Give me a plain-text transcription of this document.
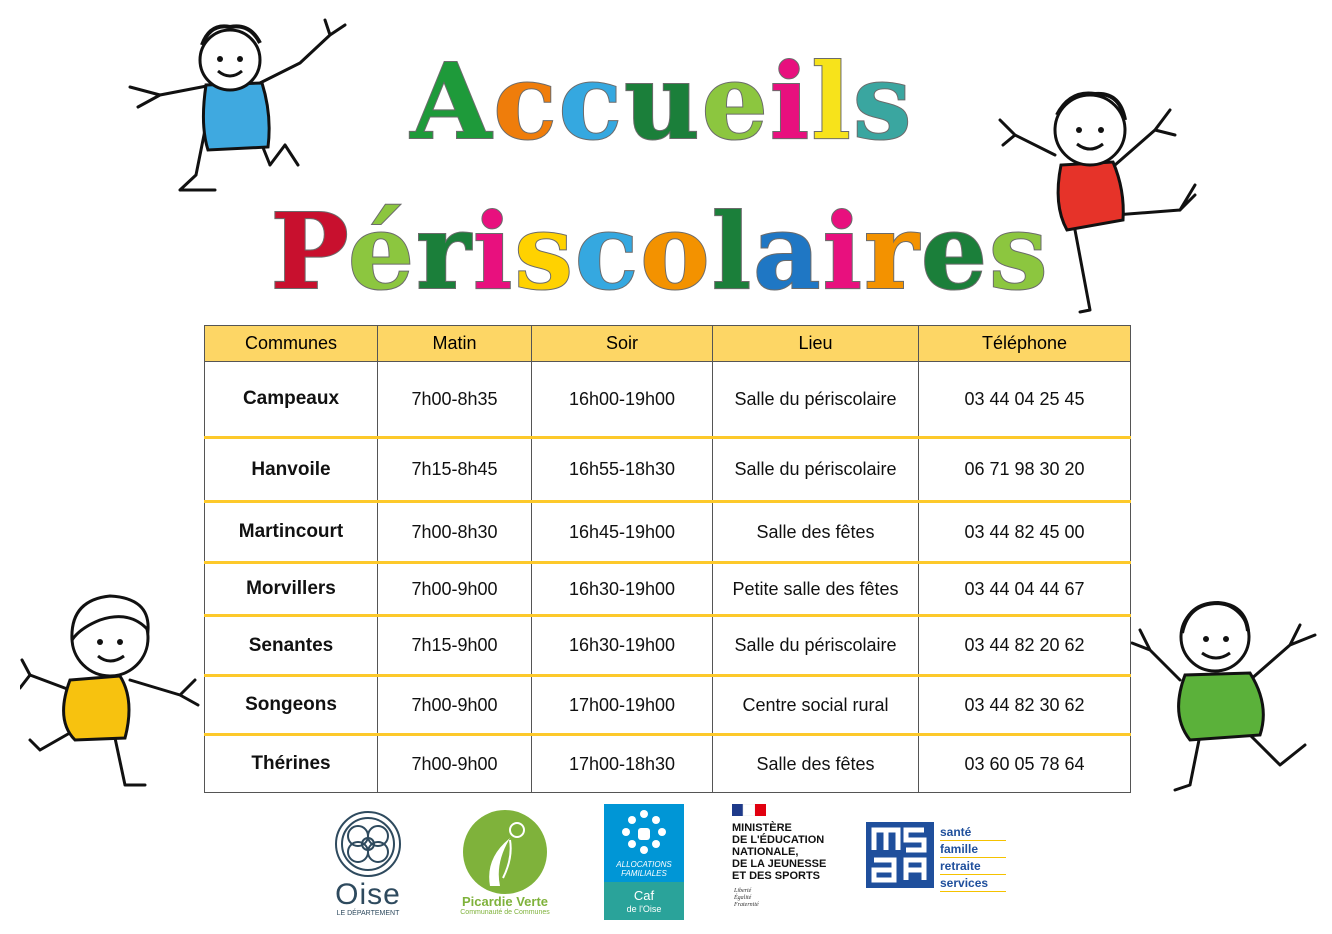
Accueils
Périscolaires
Communes	Matin	Soir	Lieu	Téléphone
Campeaux	7h00-8h35	16h00-19h00	Salle du périscolaire	03 44 04 25 45
Hanvoile	7h15-8h45	16h55-18h30	Salle du périscolaire	06 71 98 30 20
Martincourt	7h00-8h30	16h45-19h00	Salle des fêtes	03 44 82 45 00
Morvillers	7h00-9h00	16h30-19h00	Petite salle des fêtes	03 44 04 44 67
Senantes	7h15-9h00	16h30-19h00	Salle du périscolaire	03 44 82 20 62
Songeons	7h00-9h00	17h00-19h00	Centre social rural	03 44 82 30 62
Thérines	7h00-9h00	17h00-18h30	Salle des fêtes	03 60 05 78 64
Oise
LE DÉPARTEMENT
Picardie Verte
Communauté de Communes
ALLOCATIONS FAMILIALES
Caf
de l'Oise
MINISTÈRE
DE L'ÉDUCATION
NATIONALE,
DE LA JEUNESSE
ET DES SPORTS
Liberté
Égalité
Fraternité
santé
famille
retraite
services
